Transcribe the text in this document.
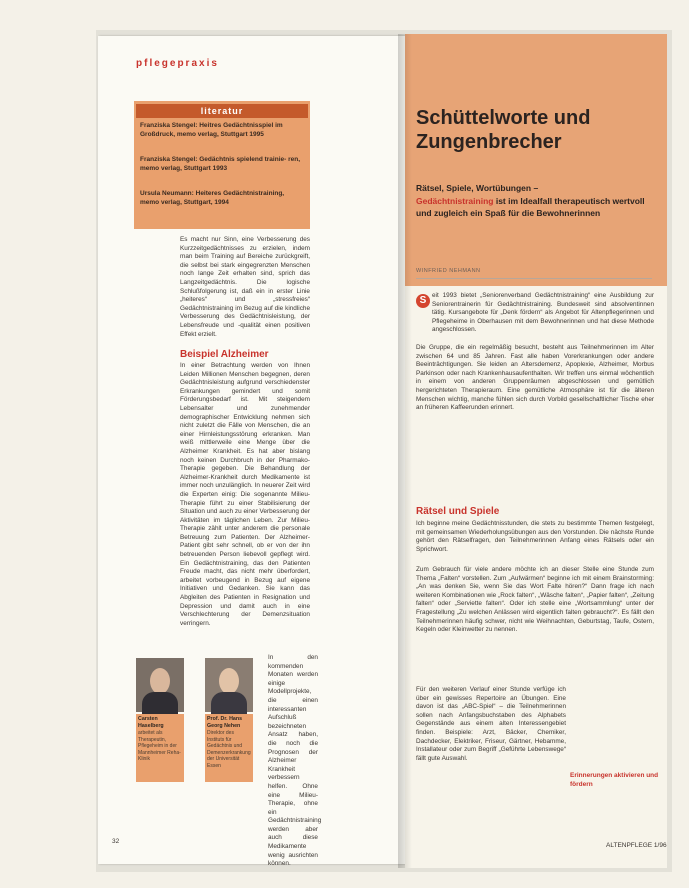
pflegepraxis
literatur
Franziska Stengel: Heitres Gedächtnisspiel im Großdruck, memo verlag, Stuttgart 1995
Franziska Stengel: Gedächtnis spielend trainie- ren, memo verlag, Stuttgart 1993
Ursula Neumann: Heiteres Gedächtnistraining, memo verlag, Stuttgart, 1994

Es macht nur Sinn, eine Verbesserung des Kurzzeitgedächtnisses zu erzielen, indem man beim Training auf Bereiche zurückgreift, die selbst bei stark eingegrenzten Menschen noch lange Zeit erhalten sind, sprich das Langzeitgedächtnis. Die logische Schlußfolgerung ist, daß ein in erster Linie „heiteres“ und „stressfreies“ Gedächtnistraining im Bezug auf die kindliche Verbesserung des Gedächtnisleistung, der Lebensfreude und -qualität einen positiven Effekt erzielt.

Beispiel Alzheimer

In einer Betrachtung werden von Ihnen Leiden Millionen Menschen begegnen, deren Gedächtnisleistung aufgrund verschiedenster Erkrankungen gemindert und somit Förderungsbedarf ist. Mit steigendem Lebensalter und zunehmender demographischer Entwicklung nehmen sich nicht zuletzt die Fälle von Menschen, die an einer Hirnleistungsstörung erkranken. Man weiß mittlerweile eine Menge über die Alzheimer Krankheit. Es hat aber bislang noch keinen Durchbruch in der Pharmako-Therapie gegeben. Die Behandlung der Alzheimer-Krankheit durch Medikamente ist immer noch unzulänglich. In neuerer Zeit wird die Experten einig: Die sogenannte Milieu-Therapie führt zu einer Stabilisierung der Situation und auch zu einer Verbesserung der Aktivitäten im täglichen Leben. Zur Milieu-Therapie zählt unter anderem die personale Betreuung zum Patienten. Der Alzheimer-Patient gibt sehr schnell, ob er von der ihn betreuenden Person liebevoll gepflegt wird. Ein Gedächtnistraining, das den Patienten Freude macht, das nicht mehr überfordert, arbeitet vorbeugend in Bezug auf eigene Initiativen und Gedanken. Sie kann das Abgleiten des Patienten in Resignation und Depression und damit auch in eine Verschlechterung der Demenzsituation verringern.

In den kommenden Monaten werden einige Modellprojekte, die einen interessanten Aufschluß bezeichneten Ansatz haben, die noch die Prognosen der Alzheimer Krankheit verbessern helfen. Ohne eine Milieu-Therapie, ohne ein Gedächtnistraining werden aber auch diese Medikamente wenig ausrichten können.

Carsten Haselberg
arbeitet als Therapeutin, Pflegeheim in der Mannheimer Reha-Klinik
Prof. Dr. Hans Georg Nehen
Direktor des Instituts für Gedächtnis und Demenzerkrankung der Universität Essen
32
Schüttelworte und
Zungenbrecher

Rätsel, Spiele, Wortübungen –
Gedächtnistraining ist im Idealfall therapeutisch wertvoll und zugleich ein Spaß für die Bewohnerinnen

WINFRIED NEHMANN
S eit 1993 bietet „Seniorenverband Gedächtnistraining“ eine Ausbildung zur Seniorentrainerin für Gedächtnistraining. Bundesweit sind absolventinnen tätig. Kursangebote für „Denk fördern“ als Angebot für Altenpflegerinnen und Pflegeheime in Oberhausen mit dem Bewohnerinnen und hat diese Methode angeschlossen.

Die Gruppe, die ein regelmäßig besucht, besteht aus Teilnehmerinnen im Alter zwischen 64 und 85 Jahren. Fast alle haben Vorerkrankungen oder andere Beeinträchtigungen. Sie leiden an Altersdemenz, Apoplexie, Alzheimer, Morbus Parkinson oder nach Krankenhausaufenthalten. Wir treffen uns einmal wöchentlich in einem von anderen Gruppenräumen abgeschlossen und gemütlich hergerichteten Therapieraum. Eine gemütliche Atmosphäre ist für die älteren Menschen wichtig, manche fühlen sich durch Vorbild gesellschaftlicher Tische eher an früheren Kaffeerunden erinnert.

Rätsel und Spiele

Ich beginne meine Gedächtnisstunden, die stets zu bestimmte Themen festgelegt, mit gemeinsamen Wiederholungsübungen aus den Vorstunden. Die nächste Runde gehört den Rätselfragen, den Teilnehmerinnen Anfang eines Rätsels oder ein Sprichwort.

Zum Gebrauch für viele andere möchte ich an dieser Stelle eine Stunde zum Thema „Falten“ vorstellen. Zum „Aufwärmen“ beginne ich mit einem Brainstorming: „An was denken Sie, wenn Sie das Wort Falte hören?“ Dann frage ich nach weiteren Kombinationen wie „Rock falten“, „Wäsche falten“, „Papier falten“, „Zeitung falten“ oder „Serviette falten“. Oder ich stelle eine „Wortsammlung“ unter der Fragestellung „Zu welchen Anlässen wird eigentlich falten gebraucht?“. Es fällt den Teilnehmerinnen häufig schwer, nicht wie Weihnachten, Geburtstag, Taufe, Ostern, Kegeln oder Kleinwetter zu nennen.

Für den weiteren Verlauf einer Stunde verfüge ich über ein gewisses Repertoire an Übungen. Eine davon ist das „ABC-Spiel“ – die Teilnehmerinnen sollen nach Anfangsbuchstaben des Alphabets Gegenstände aus einem alten Interessengebiet finden. Beispiele: Arzt, Bäcker, Chemiker, Dachdecker, Elektriker, Friseur, Gärtner, Hebamme, Installateur oder zum Begriff „Geführte Lebenswege“ fällt gute Auswahl.

Erinnerungen aktivieren und fördern
ALTENPFLEGE 1/96
